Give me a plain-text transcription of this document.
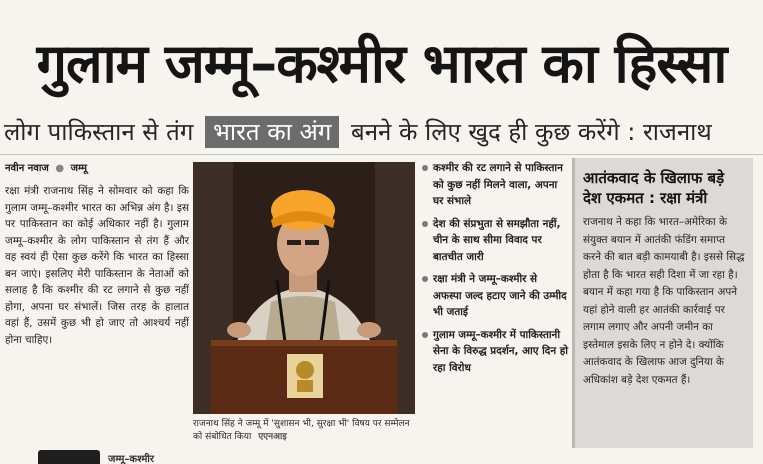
गुलाम जम्मू–कश्मीर भारत का हिस्सा
लोग पाकिस्तान से तंग भारत का अंग बनने के लिए खुद ही कुछ करेंगे : राजनाथ
नवीन नवाज ● जम्मू
रक्षा मंत्री राजनाथ सिंह ने सोमवार को कहा कि गुलाम जम्मू–कश्मीर भारत का अभिन्न अंग है। इस पर पाकिस्तान का कोई अधिकार नहीं है। गुलाम जम्मू–कश्मीर के लोग पाकिस्तान से तंग हैं और वह स्वयं ही ऐसा कुछ करेंगे कि भारत का हिस्सा बन जाएं। इसलिए मेरी पाकिस्तान के नेताओं को सलाह है कि कश्मीर की रट लगाने से कुछ नहीं होगा, अपना घर संभालें। जिस तरह के हालात वहां हैं, उसमें कुछ भी हो जाए तो आश्चर्य नहीं होना चाहिए।
जम्मू–कश्मीर
राजनाथ सिंह ने जम्मू में 'सुशासन भी, सुरक्षा भी' विषय पर सम्मेलन को संबोधित किया एएनआइ
कश्मीर की रट लगाने से पाकिस्तान को कुछ नहीं मिलने वाला, अपना घर संभाले
देश की संप्रभुता से समझौता नहीं, चीन के साथ सीमा विवाद पर बातचीत जारी
रक्षा मंत्री ने जम्मू–कश्मीर से अफस्पा जल्द हटाए जाने की उम्मीद भी जताई
गुलाम जम्मू–कश्मीर में पाकिस्तानी सेना के विरुद्ध प्रदर्शन, आए दिन हो रहा विरोध
आतंकवाद के खिलाफ बड़े देश एकमत : रक्षा मंत्री

राजनाथ ने कहा कि भारत–अमेरिका के संयुक्त बयान में आतंकी फंडिंग समाप्त करने की बात बड़ी कामयाबी है। इससे सिद्ध होता है कि भारत सही दिशा में जा रहा है। बयान में कहा गया है कि पाकिस्तान अपने यहां होने वाली हर आतंकी कार्रवाई पर लगाम लगाए और अपनी जमीन का इस्तेमाल इसके लिए न होने दे। क्योंकि आतंकवाद के खिलाफ आज दुनिया के अधिकांश बड़े देश एकमत हैं।
